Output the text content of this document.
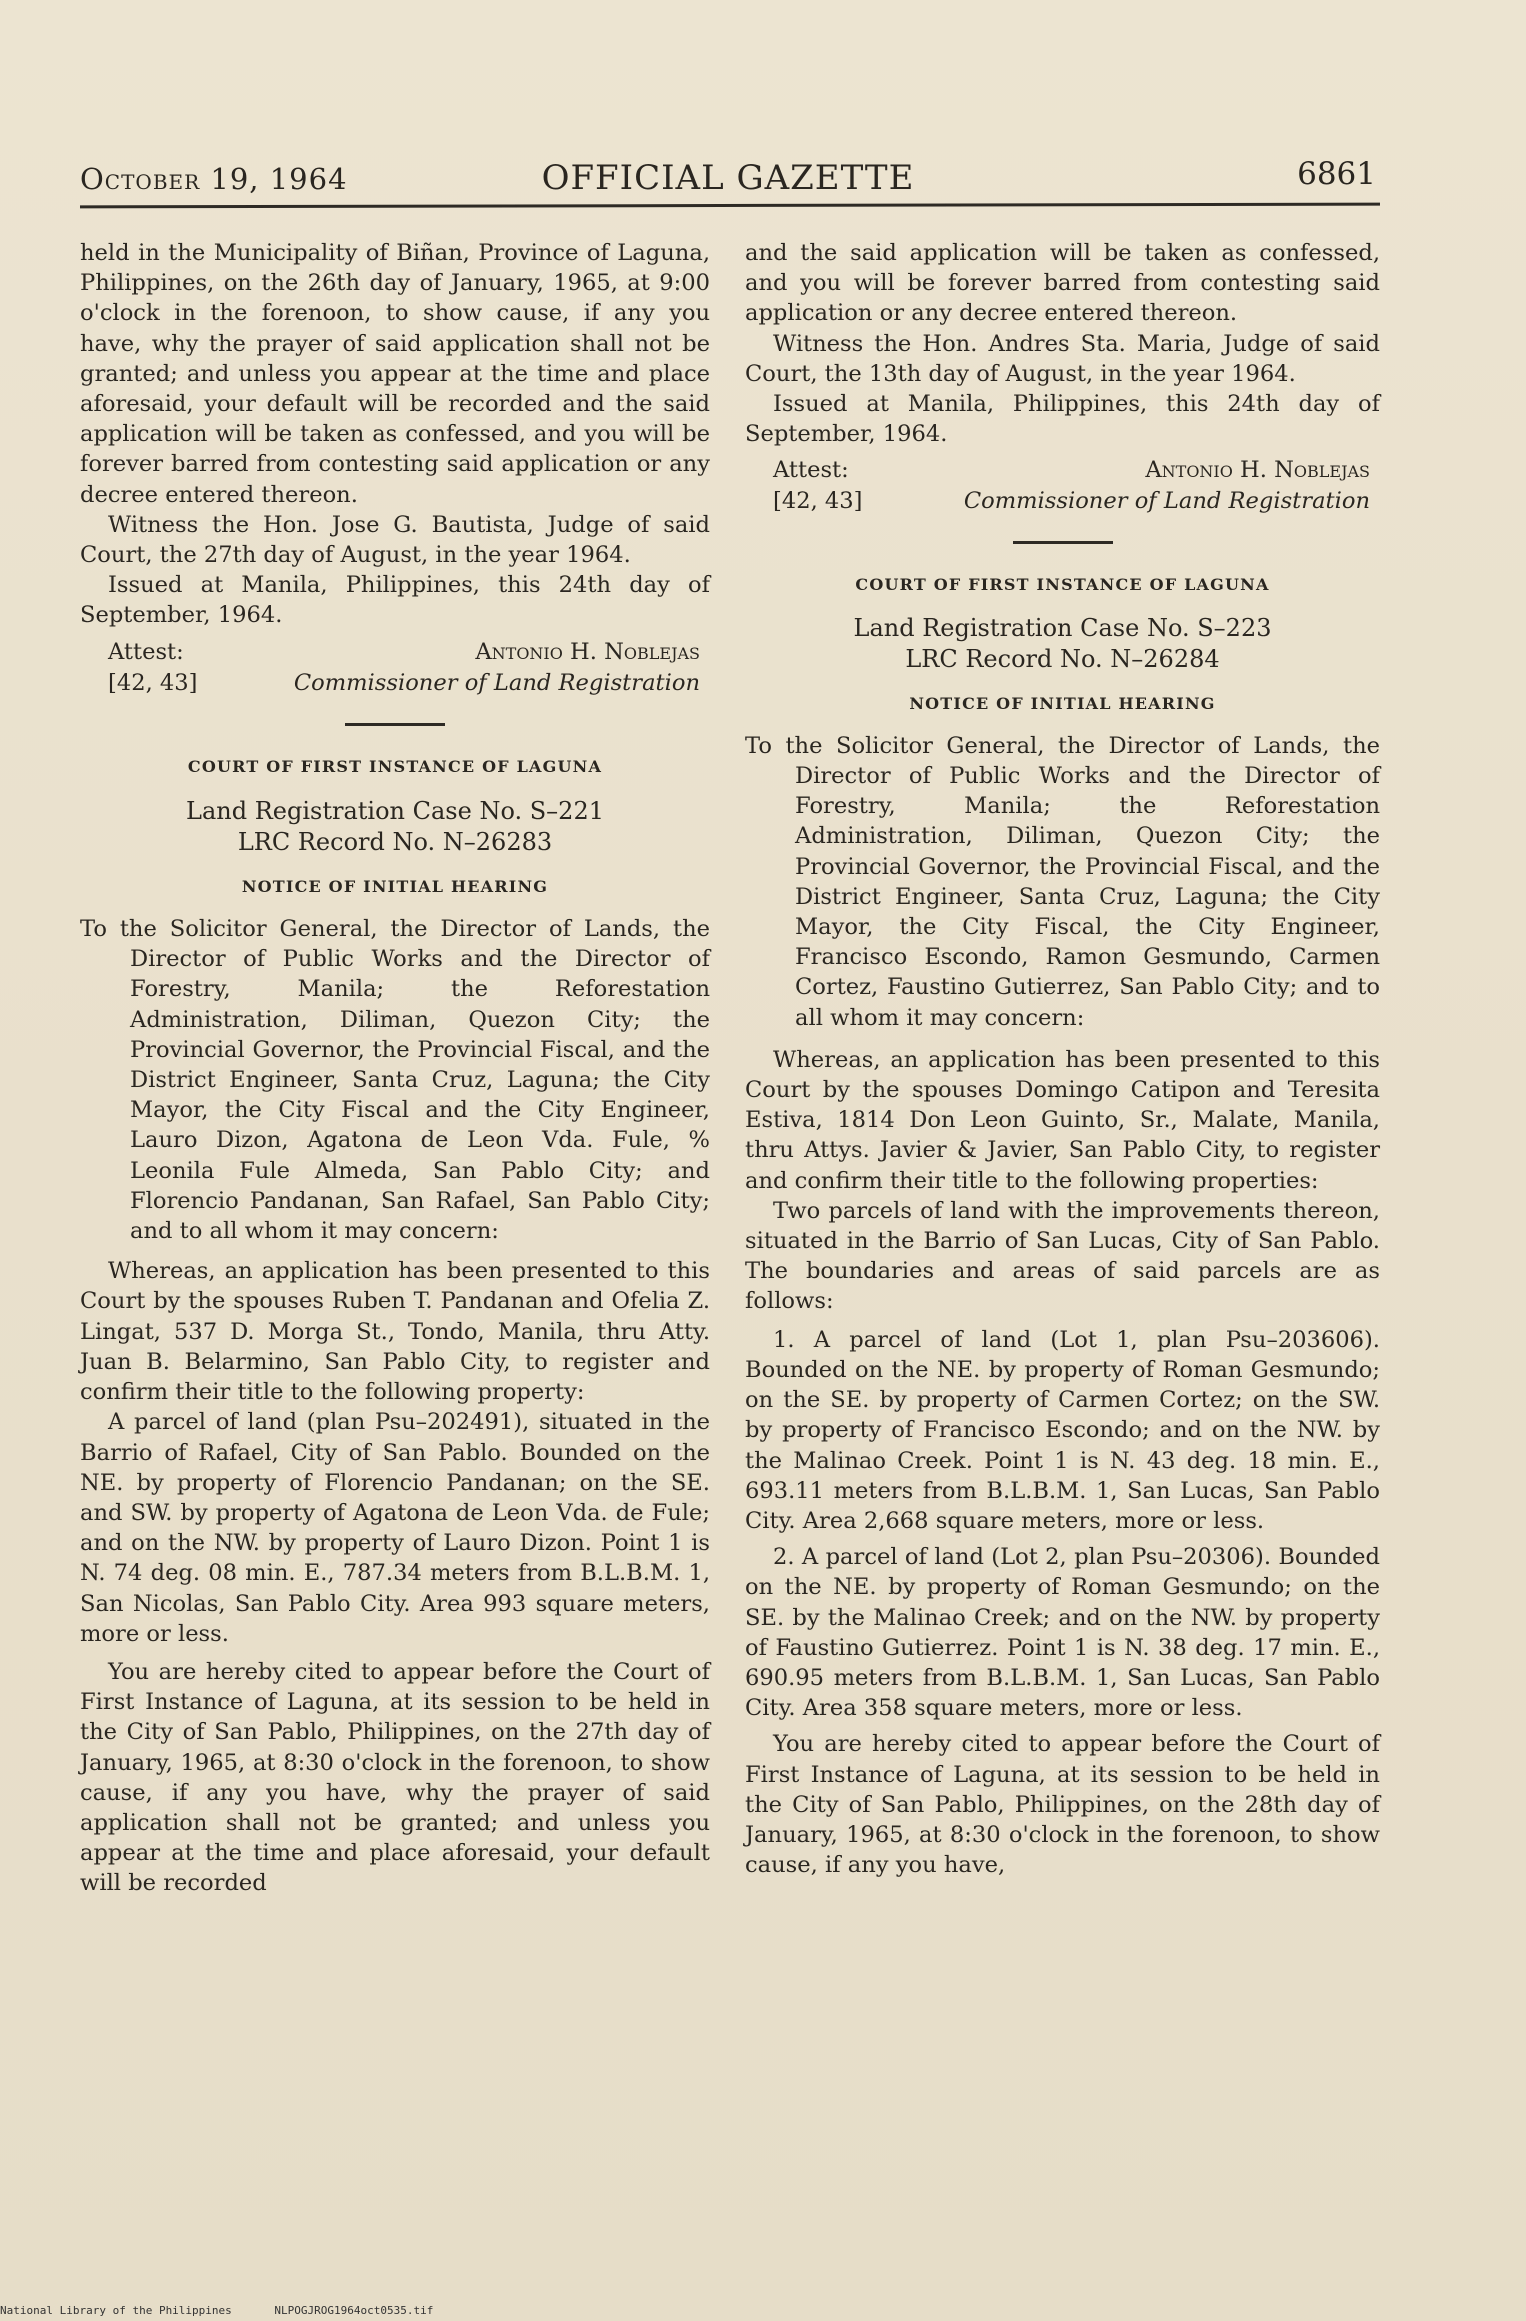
October 19, 1964	OFFICIAL GAZETTE	6861

held in the Municipality of Biñan, Province of Laguna, Philippines, on the 26th day of January, 1965, at 9:00 o'clock in the forenoon, to show cause, if any you have, why the prayer of said application shall not be granted; and unless you appear at the time and place aforesaid, your default will be recorded and the said application will be taken as confessed, and you will be forever barred from contesting said application or any decree entered thereon.

Witness the Hon. Jose G. Bautista, Judge of said Court, the 27th day of August, in the year 1964.

Issued at Manila, Philippines, this 24th day of September, 1964.

Attest:
[42, 43]
Antonio H. Noblejas
Commissioner of Land Registration

COURT OF FIRST INSTANCE OF LAGUNA

Land Registration Case No. S–221

LRC Record No. N–26283

NOTICE OF INITIAL HEARING

To the Solicitor General, the Director of Lands, the Director of Public Works and the Director of Forestry, Manila; the Reforestation Administration, Diliman, Quezon City; the Provincial Governor, the Provincial Fiscal, and the District Engineer, Santa Cruz, Laguna; the City Mayor, the City Fiscal and the City Engineer, Lauro Dizon, Agatona de Leon Vda. Fule, % Leonila Fule Almeda, San Pablo City; and Florencio Pandanan, San Rafael, San Pablo City; and to all whom it may concern:

Whereas, an application has been presented to this Court by the spouses Ruben T. Pandanan and Ofelia Z. Lingat, 537 D. Morga St., Tondo, Manila, thru Atty. Juan B. Belarmino, San Pablo City, to register and confirm their title to the following property:

A parcel of land (plan Psu–202491), situated in the Barrio of Rafael, City of San Pablo. Bounded on the NE. by property of Florencio Pandanan; on the SE. and SW. by property of Agatona de Leon Vda. de Fule; and on the NW. by property of Lauro Dizon. Point 1 is N. 74 deg. 08 min. E., 787.34 meters from B.L.B.M. 1, San Nicolas, San Pablo City. Area 993 square meters, more or less.

You are hereby cited to appear before the Court of First Instance of Laguna, at its session to be held in the City of San Pablo, Philippines, on the 27th day of January, 1965, at 8:30 o'clock in the forenoon, to show cause, if any you have, why the prayer of said application shall not be granted; and unless you appear at the time and place aforesaid, your default will be recorded

and the said application will be taken as confessed, and you will be forever barred from contesting said application or any decree entered thereon.

Witness the Hon. Andres Sta. Maria, Judge of said Court, the 13th day of August, in the year 1964.

Issued at Manila, Philippines, this 24th day of September, 1964.

Attest:
[42, 43]
Antonio H. Noblejas
Commissioner of Land Registration

COURT OF FIRST INSTANCE OF LAGUNA

Land Registration Case No. S–223

LRC Record No. N–26284

NOTICE OF INITIAL HEARING

To the Solicitor General, the Director of Lands, the Director of Public Works and the Director of Forestry, Manila; the Reforestation Administration, Diliman, Quezon City; the Provincial Governor, the Provincial Fiscal, and the District Engineer, Santa Cruz, Laguna; the City Mayor, the City Fiscal, the City Engineer, Francisco Escondo, Ramon Gesmundo, Carmen Cortez, Faustino Gutierrez, San Pablo City; and to all whom it may concern:

Whereas, an application has been presented to this Court by the spouses Domingo Catipon and Teresita Estiva, 1814 Don Leon Guinto, Sr., Malate, Manila, thru Attys. Javier & Javier, San Pablo City, to register and confirm their title to the following properties:

Two parcels of land with the improvements thereon, situated in the Barrio of San Lucas, City of San Pablo. The boundaries and areas of said parcels are as follows:

1. A parcel of land (Lot 1, plan Psu–203606). Bounded on the NE. by property of Roman Gesmundo; on the SE. by property of Carmen Cortez; on the SW. by property of Francisco Escondo; and on the NW. by the Malinao Creek. Point 1 is N. 43 deg. 18 min. E., 693.11 meters from B.L.B.M. 1, San Lucas, San Pablo City. Area 2,668 square meters, more or less.

2. A parcel of land (Lot 2, plan Psu–20306). Bounded on the NE. by property of Roman Gesmundo; on the SE. by the Malinao Creek; and on the NW. by property of Faustino Gutierrez. Point 1 is N. 38 deg. 17 min. E., 690.95 meters from B.L.B.M. 1, San Lucas, San Pablo City. Area 358 square meters, more or less.

You are hereby cited to appear before the Court of First Instance of Laguna, at its session to be held in the City of San Pablo, Philippines, on the 28th day of January, 1965, at 8:30 o'clock in the forenoon, to show cause, if any you have,

National Library of the Philippines	NLPOGJROG1964oct0535.tif
